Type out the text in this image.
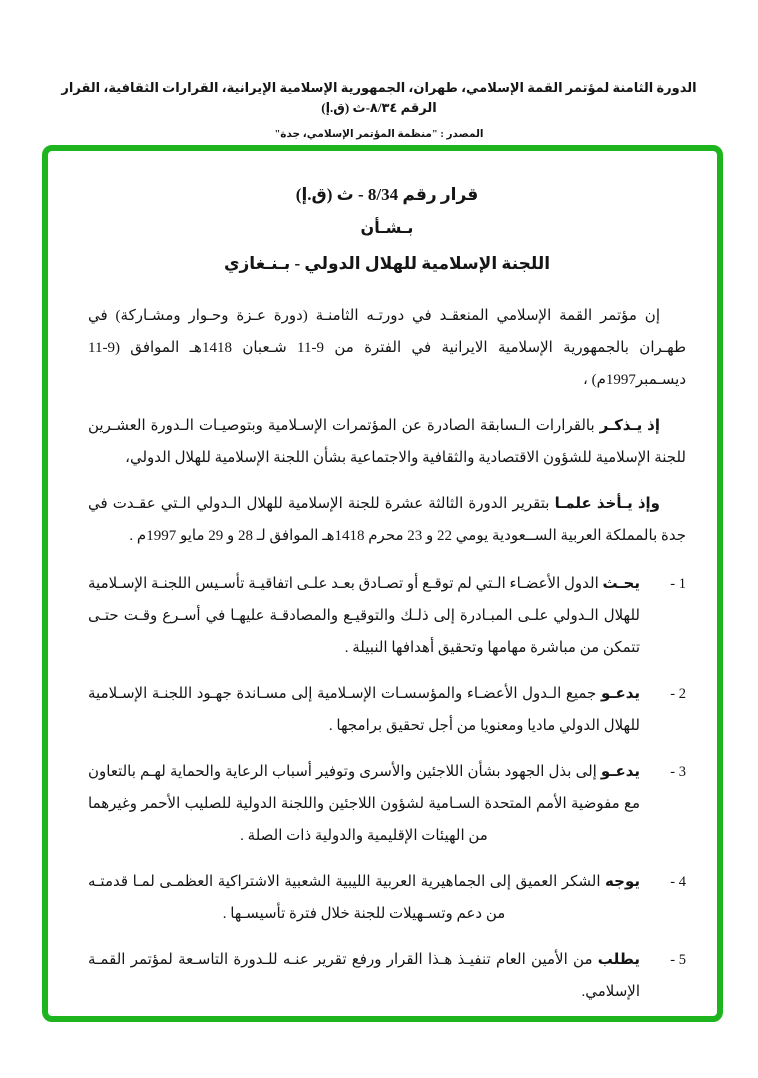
الدورة الثامنة لمؤتمر القمة الإسلامي، طهران، الجمهورية الإسلامية الإيرانية، القرارات الثقافية، القرار الرقم ٨/٣٤-ث (ق.إ)
المصدر : "منظمة المؤتمر الإسلامي، جدة"
قرار رقم 8/34 - ث (ق.إ)
بـشـأن
اللجنة الإسلامية للهلال الدولي - بـنـغازي

إن مؤتمر القمة الإسلامي المنعقـد في دورتـه الثامنـة (دورة عـزة وحـوار ومشـاركة) في طهـران بالجمهورية الإسلامية الايرانية في الفترة من 9-11 شـعبان 1418هـ الموافق (9-11 ديسـمبر1997م) ،

إذ يـذكـر بالقرارات الـسابقة الصادرة عن المؤتمرات الإسـلامية وبتوصيـات الـدورة العشـرين للجنة الإسلامية للشؤون الاقتصادية والثقافية والاجتماعية بشأن اللجنة الإسلامية للهلال الدولي،

وإذ يـأخذ علمـا بتقرير الدورة الثالثة عشرة للجنة الإسلامية للهلال الـدولي الـتي عقـدت في جدة بالمملكة العربية الســعودية يومي 22 و 23 محرم 1418هـ الموافق لـ 28 و 29 مايو 1997م .

1 -

يحـث الدول الأعضـاء الـتي لم توقـع أو تصـادق بعـد علـى اتفاقيـة تأسـيس اللجنـة الإسـلامية للهلال الـدولي علـى المبـادرة إلى ذلـك والتوقيـع والمصادقـة عليهـا في أسـرع وقـت حتـى تتمكن من مباشرة مهامها وتحقيق أهدافها النبيلة .

2 -

يدعـو جميع الـدول الأعضـاء والمؤسسـات الإسـلامية إلى مسـاندة جهـود اللجنـة الإسـلامية للهلال الدولي ماديا ومعنويا من أجل تحقيق برامجها .

3 -

يدعـو إلى بذل الجهود بشأن اللاجئين والأسرى وتوفير أسباب الرعاية والحماية لهـم بالتعاون مع مفوضية الأمم المتحدة السـامية لشؤون اللاجئين واللجنة الدولية للصليب الأحمر وغيرهما من الهيئات الإقليمية والدولية ذات الصلة .

4 -

يوجه الشكر العميق إلى الجماهيرية العربية الليبية الشعبية الاشتراكية العظمـى لمـا قدمتـه من دعم وتسـهيلات للجنة خلال فترة تأسيسـها .

5 -

يطلب من الأمين العام تنفيـذ هـذا القرار ورفع تقرير عنـه للـدورة التاسـعة لمؤتمر القمـة الإسلامي.
